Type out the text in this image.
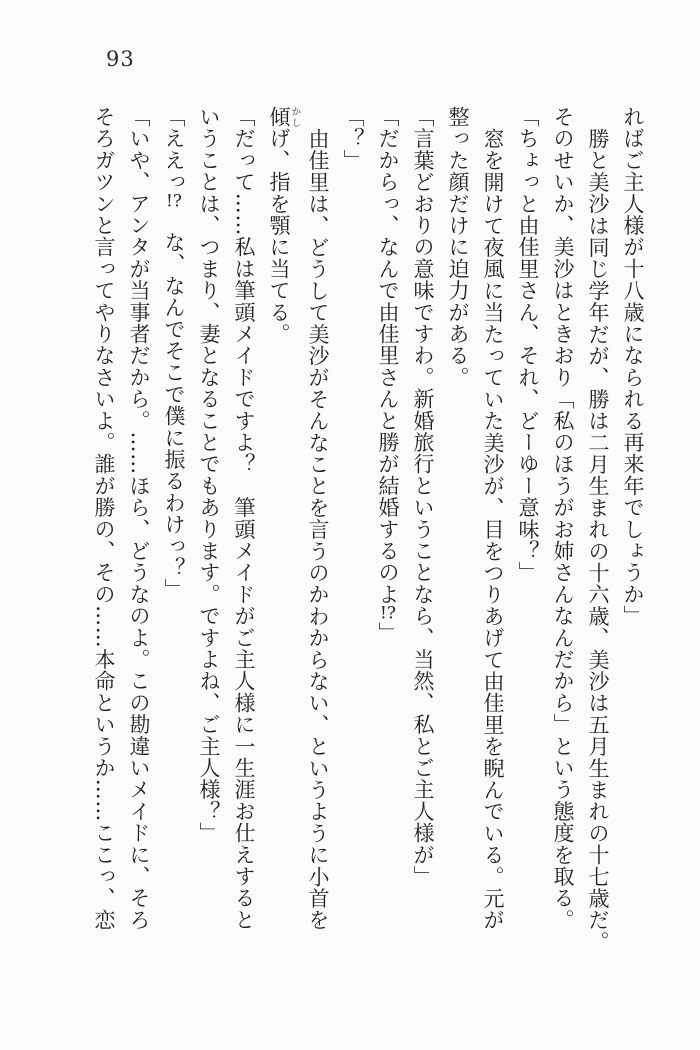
93
ればご主人様が十八歳になられる再来年でしょうか」
勝と美沙は同じ学年だが、勝は二月生まれの十六歳、美沙は五月生まれの十七歳だ。
そのせいか、美沙はときおり「私のほうがお姉さんなんだから」という態度を取る。
「ちょっと由佳里さん、それ、どーゆー意味？」
窓を開けて夜風に当たっていた美沙が、目をつりあげて由佳里を睨んでいる。元が
整った顔だけに迫力がある。
「言葉どおりの意味ですわ。新婚旅行ということなら、当然、私とご主人様が」
「だからっ、なんで由佳里さんと勝が結婚するのよ!?」
「？」
由佳里は、どうして美沙がそんなことを言うのかわからない、というように小首を
傾かしげ、指を顎に当てる。
「だって……私は筆頭メイドですよ？　筆頭メイドがご主人様に一生涯お仕えすると
いうことは、つまり、妻となることでもあります。ですよね、ご主人様？」
「ええっ!?　な、なんでそこで僕に振るわけっ？」
「いや、アンタが当事者だから。……ほら、どうなのよ。この勘違いメイドに、そろ
そろガツンと言ってやりなさいよ。誰が勝の、その……本命というか……ここっ、恋
